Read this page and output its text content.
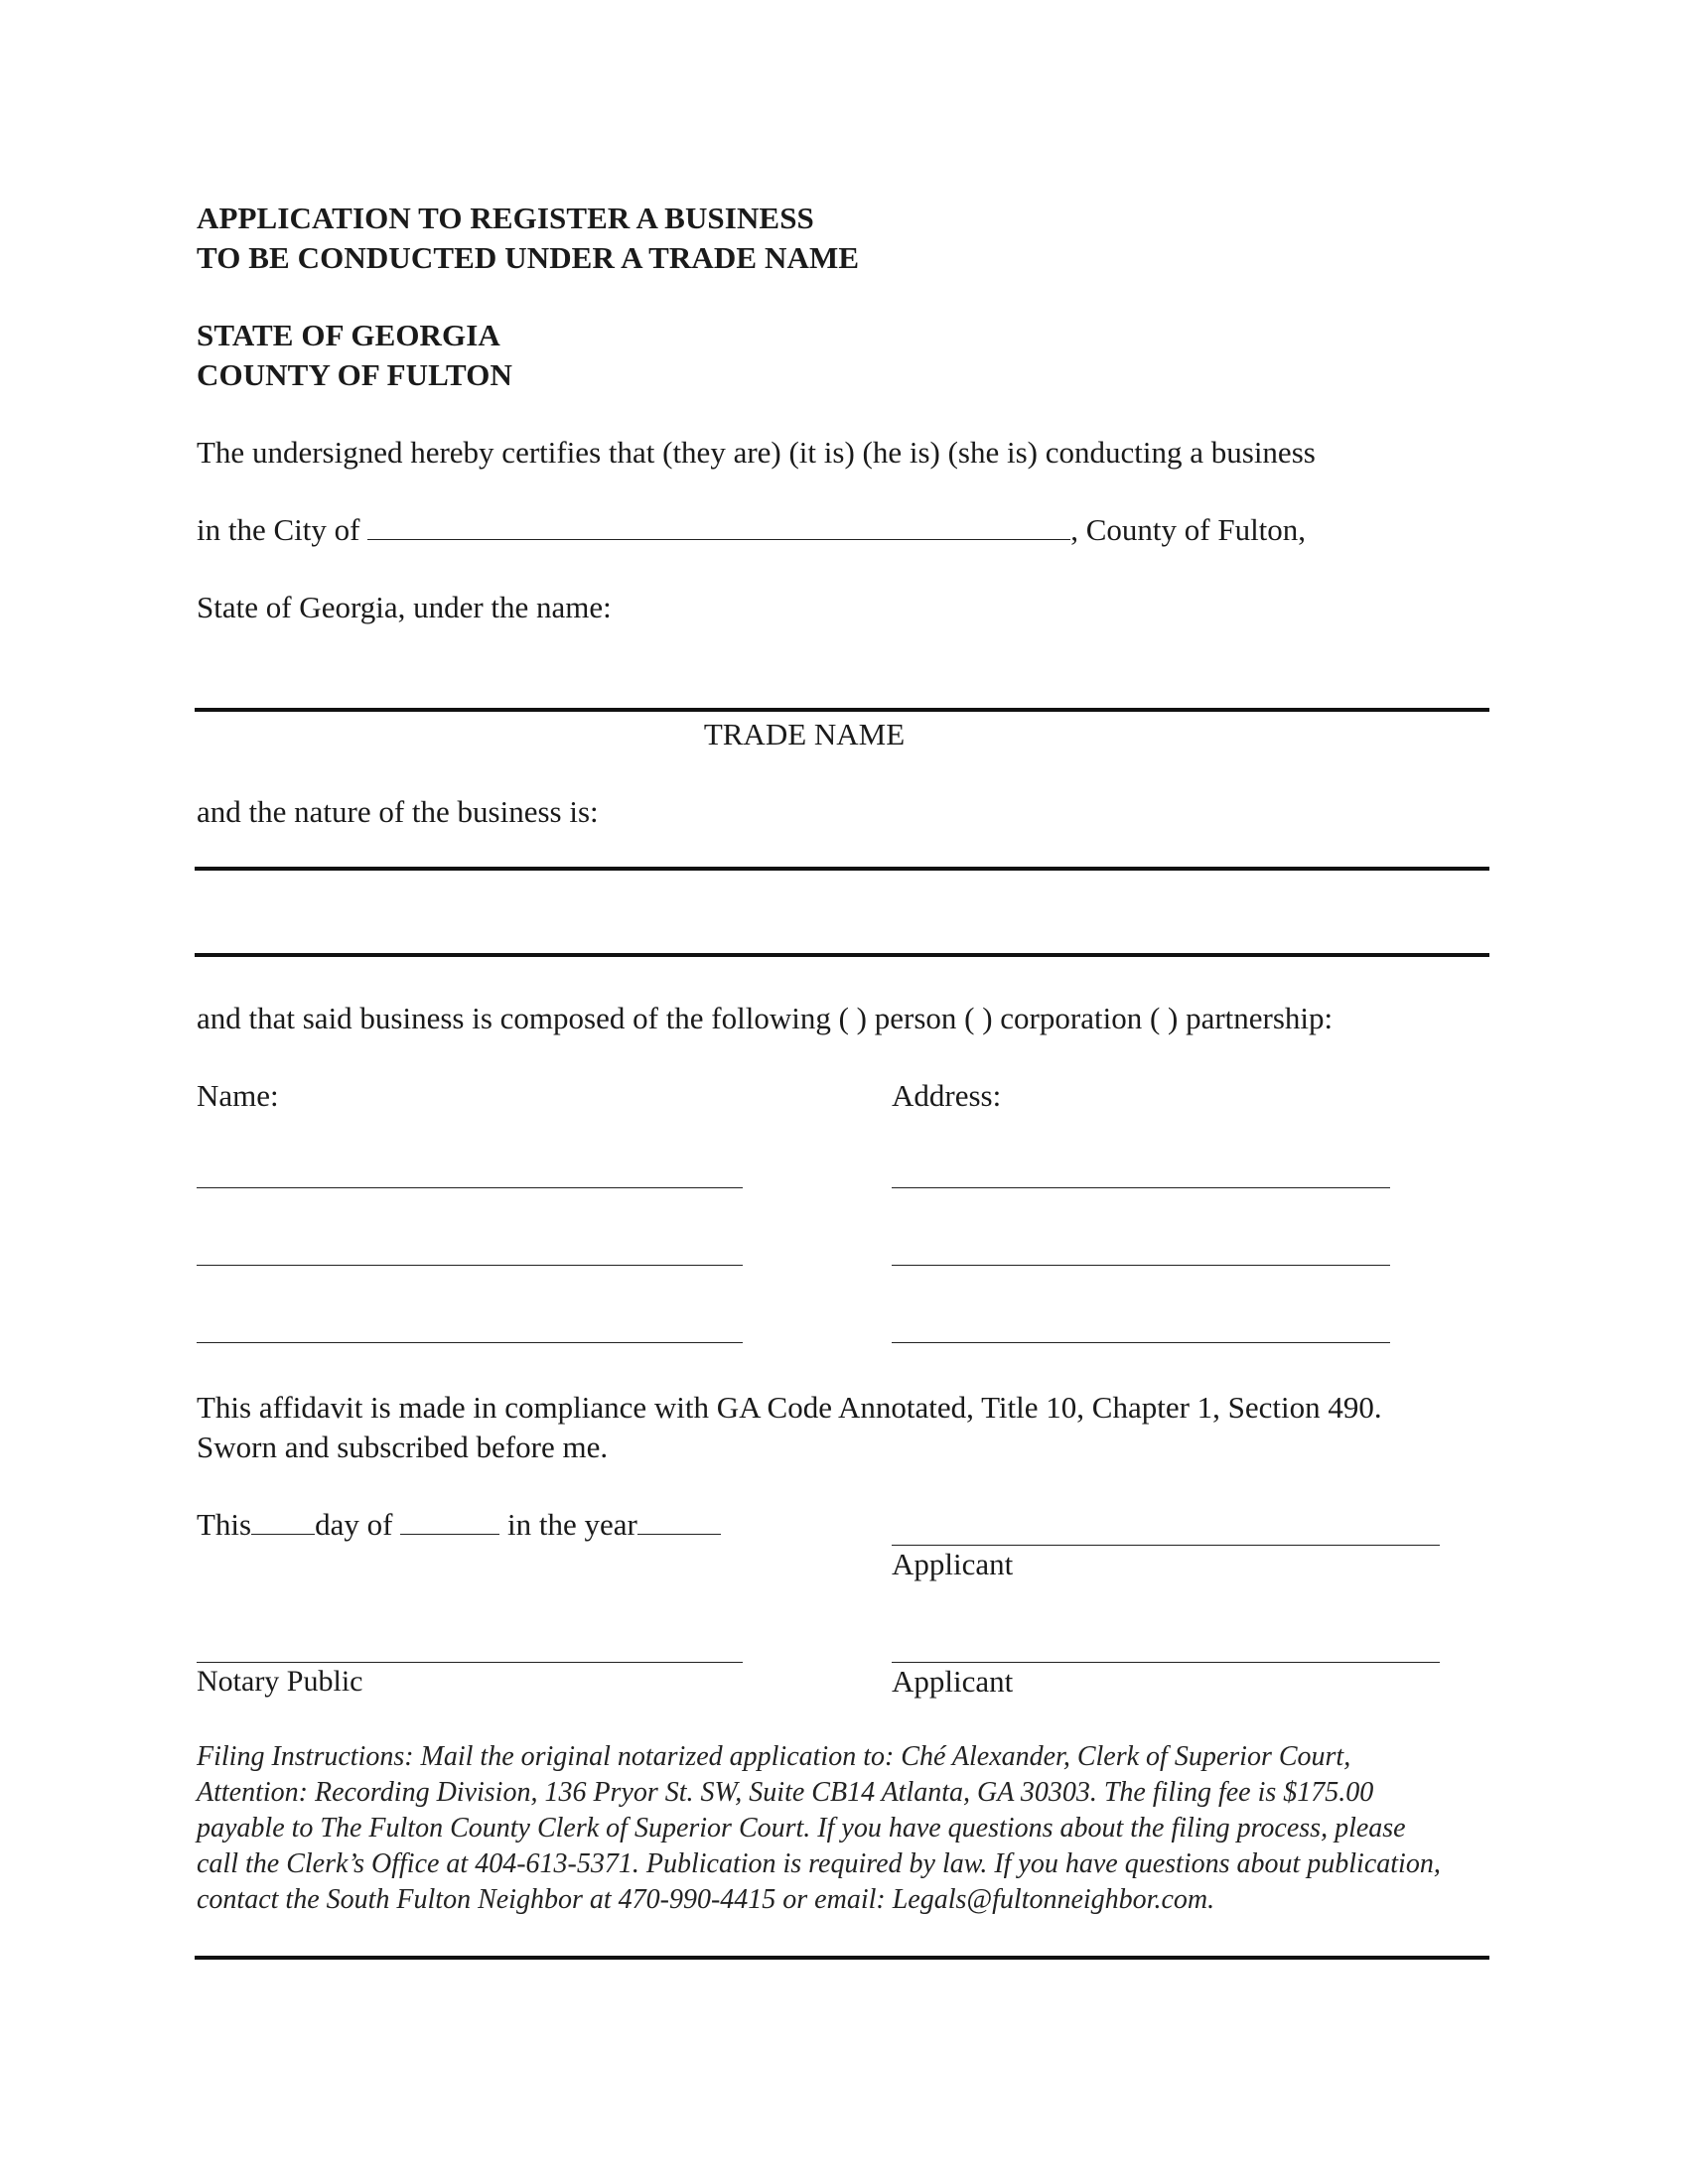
APPLICATION TO REGISTER A BUSINESS
TO BE CONDUCTED UNDER A TRADE NAME
STATE OF GEORGIA
COUNTY OF FULTON
The undersigned hereby certifies that (they are) (it is) (he is) (she is) conducting a business
in the City of	, County of Fulton,
State of Georgia, under the name:
TRADE NAME
and the nature of the business is:
and that said business is composed of the following ( ) person ( ) corporation ( ) partnership:
Name:	Address:
This affidavit is made in compliance with GA Code Annotated, Title 10, Chapter 1, Section 490.
Sworn and subscribed before me.
This day of	in the year
Applicant
Notary Public	Applicant
Filing Instructions: Mail the original notarized application to: Ché Alexander, Clerk of Superior Court, Attention: Recording Division, 136 Pryor St. SW, Suite CB14 Atlanta, GA 30303. The filing fee is $175.00 payable to The Fulton County Clerk of Superior Court. If you have questions about the filing process, please call the Clerk’s Office at 404-613-5371. Publication is required by law. If you have questions about publication, contact the South Fulton Neighbor at 470-990-4415 or email: Legals@fultonneighbor.com.
